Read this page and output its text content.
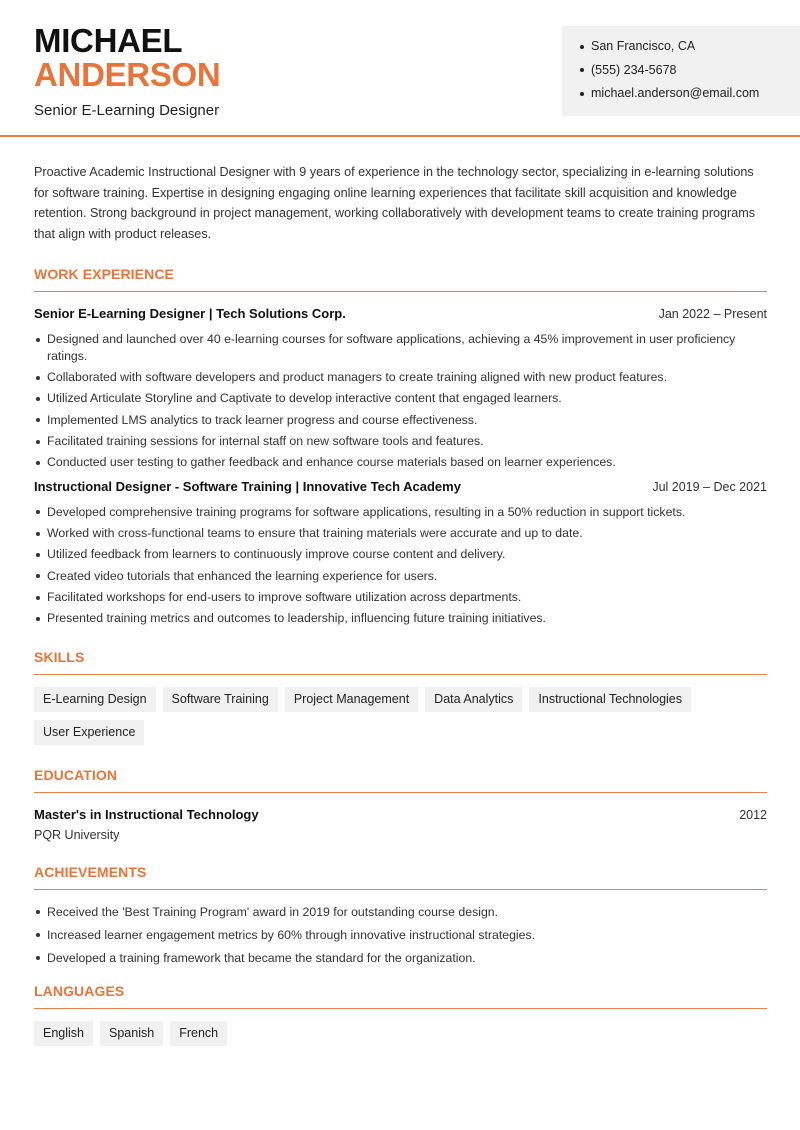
MICHAEL
ANDERSON
Senior E-Learning Designer
San Francisco, CA
(555) 234-5678
michael.anderson@email.com

Proactive Academic Instructional Designer with 9 years of experience in the technology sector, specializing in e-learning solutions for software training. Expertise in designing engaging online learning experiences that facilitate skill acquisition and knowledge retention. Strong background in project management, working collaboratively with development teams to create training programs that align with product releases.

WORK EXPERIENCE
Senior E-Learning Designer | Tech Solutions Corp.	Jan 2022 – Present
Designed and launched over 40 e-learning courses for software applications, achieving a 45% improvement in user proficiency ratings.
Collaborated with software developers and product managers to create training aligned with new product features.
Utilized Articulate Storyline and Captivate to develop interactive content that engaged learners.
Implemented LMS analytics to track learner progress and course effectiveness.
Facilitated training sessions for internal staff on new software tools and features.
Conducted user testing to gather feedback and enhance course materials based on learner experiences.
Instructional Designer - Software Training | Innovative Tech Academy	Jul 2019 – Dec 2021
Developed comprehensive training programs for software applications, resulting in a 50% reduction in support tickets.
Worked with cross-functional teams to ensure that training materials were accurate and up to date.
Utilized feedback from learners to continuously improve course content and delivery.
Created video tutorials that enhanced the learning experience for users.
Facilitated workshops for end-users to improve software utilization across departments.
Presented training metrics and outcomes to leadership, influencing future training initiatives.
SKILLS
E-Learning Design	Software Training	Project Management	Data Analytics	Instructional Technologies
User Experience
EDUCATION
Master's in Instructional Technology	2012
PQR University
ACHIEVEMENTS
Received the 'Best Training Program' award in 2019 for outstanding course design.
Increased learner engagement metrics by 60% through innovative instructional strategies.
Developed a training framework that became the standard for the organization.
LANGUAGES
English	Spanish	French
